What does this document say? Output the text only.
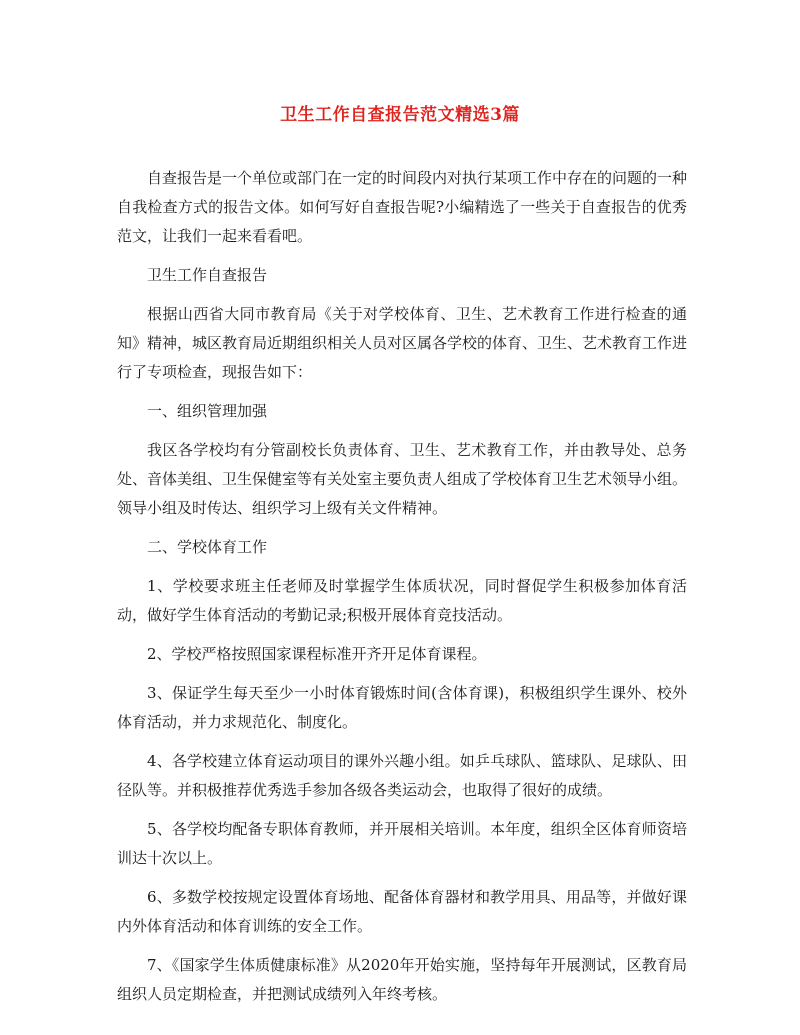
卫生工作自查报告范文精选3篇

自查报告是一个单位或部门在一定的时间段内对执行某项工作中存在的问题的一种自我检查方式的报告文体。如何写好自查报告呢?小编精选了一些关于自查报告的优秀范文，让我们一起来看看吧。

卫生工作自查报告

根据山西省大同市教育局《关于对学校体育、卫生、艺术教育工作进行检查的通知》精神，城区教育局近期组织相关人员对区属各学校的体育、卫生、艺术教育工作进行了专项检查，现报告如下：

一、组织管理加强

我区各学校均有分管副校长负责体育、卫生、艺术教育工作，并由教导处、总务处、音体美组、卫生保健室等有关处室主要负责人组成了学校体育卫生艺术领导小组。领导小组及时传达、组织学习上级有关文件精神。

二、学校体育工作

1、学校要求班主任老师及时掌握学生体质状况，同时督促学生积极参加体育活动，做好学生体育活动的考勤记录;积极开展体育竞技活动。

2、学校严格按照国家课程标准开齐开足体育课程。

3、保证学生每天至少一小时体育锻炼时间(含体育课)，积极组织学生课外、校外体育活动，并力求规范化、制度化。

4、各学校建立体育运动项目的课外兴趣小组。如乒乓球队、篮球队、足球队、田径队等。并积极推荐优秀选手参加各级各类运动会，也取得了很好的成绩。

5、各学校均配备专职体育教师，并开展相关培训。本年度，组织全区体育师资培训达十次以上。

6、多数学校按规定设置体育场地、配备体育器材和教学用具、用品等，并做好课内外体育活动和体育训练的安全工作。

7、《国家学生体质健康标准》从2020年开始实施，坚持每年开展测试，区教育局组织人员定期检查，并把测试成绩列入年终考核。
